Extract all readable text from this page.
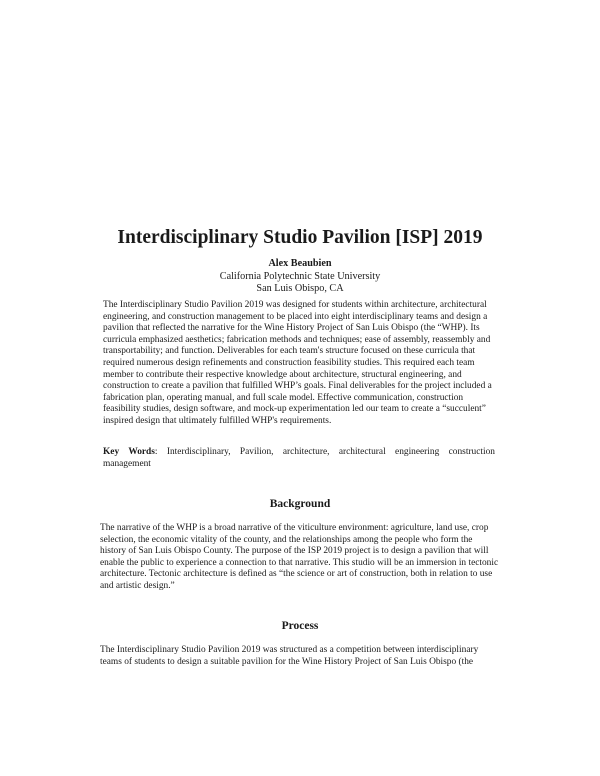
Interdisciplinary Studio Pavilion [ISP] 2019
Alex Beaubien
California Polytechnic State University
San Luis Obispo, CA

The Interdisciplinary Studio Pavilion 2019 was designed for students within architecture, architectural engineering, and construction management to be placed into eight interdisciplinary teams and design a pavilion that reflected the narrative for the Wine History Project of San Luis Obispo (the “WHP). Its curricula emphasized aesthetics; fabrication methods and techniques; ease of assembly, reassembly and transportability; and function. Deliverables for each team's structure focused on these curricula that required numerous design refinements and construction feasibility studies. This required each team member to contribute their respective knowledge about architecture, structural engineering, and construction to create a pavilion that fulfilled WHP’s goals. Final deliverables for the project included a fabrication plan, operating manual, and full scale model. Effective communication, construction feasibility studies, design software, and mock-up experimentation led our team to create a “succulent” inspired design that ultimately fulfilled WHP's requirements.

Key Words: Interdisciplinary, Pavilion, architecture, architectural engineering construction management

Background

The narrative of the WHP is a broad narrative of the viticulture environment: agriculture, land use, crop selection, the economic vitality of the county, and the relationships among the people who form the history of San Luis Obispo County. The purpose of the ISP 2019 project is to design a pavilion that will enable the public to experience a connection to that narrative. This studio will be an immersion in tectonic architecture. Tectonic architecture is defined as “the science or art of construction, both in relation to use and artistic design.”

Process

The Interdisciplinary Studio Pavilion 2019 was structured as a competition between interdisciplinary teams of students to design a suitable pavilion for the Wine History Project of San Luis Obispo (the
